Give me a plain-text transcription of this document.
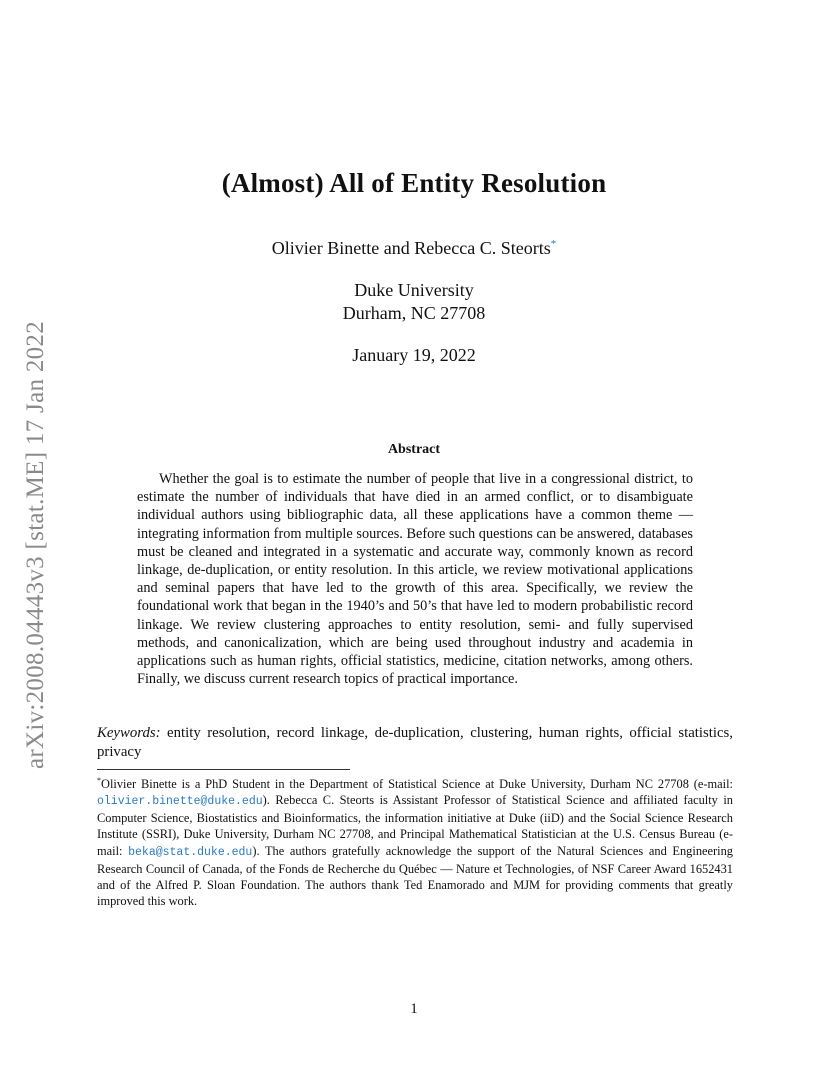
arXiv:2008.04443v3 [stat.ME] 17 Jan 2022
(Almost) All of Entity Resolution
Olivier Binette and Rebecca C. Steorts*
Duke University
Durham, NC 27708
January 19, 2022
Abstract
Whether the goal is to estimate the number of people that live in a congressional district, to estimate the number of individuals that have died in an armed conflict, or to disambiguate individual authors using bibliographic data, all these applications have a common theme — integrating information from multiple sources. Before such questions can be answered, databases must be cleaned and integrated in a systematic and accurate way, commonly known as record linkage, de-duplication, or entity resolution. In this article, we review motivational applications and seminal papers that have led to the growth of this area. Specifically, we review the foundational work that began in the 1940’s and 50’s that have led to modern probabilistic record linkage. We review clustering approaches to entity resolution, semi- and fully supervised methods, and canonicalization, which are being used throughout industry and academia in applications such as human rights, official statistics, medicine, citation networks, among others. Finally, we discuss current research topics of practical importance.
Keywords: entity resolution, record linkage, de-duplication, clustering, human rights, official statistics, privacy
*Olivier Binette is a PhD Student in the Department of Statistical Science at Duke University, Durham NC 27708 (e-mail: olivier.binette@duke.edu). Rebecca C. Steorts is Assistant Professor of Statistical Science and affiliated faculty in Computer Science, Biostatistics and Bioinformatics, the information initiative at Duke (iiD) and the Social Science Research Institute (SSRI), Duke University, Durham NC 27708, and Principal Mathematical Statistician at the U.S. Census Bureau (e-mail: beka@stat.duke.edu). The authors gratefully acknowledge the support of the Natural Sciences and Engineering Research Council of Canada, of the Fonds de Recherche du Québec — Nature et Technologies, of NSF Career Award 1652431 and of the Alfred P. Sloan Foundation. The authors thank Ted Enamorado and MJM for providing comments that greatly improved this work.
1
